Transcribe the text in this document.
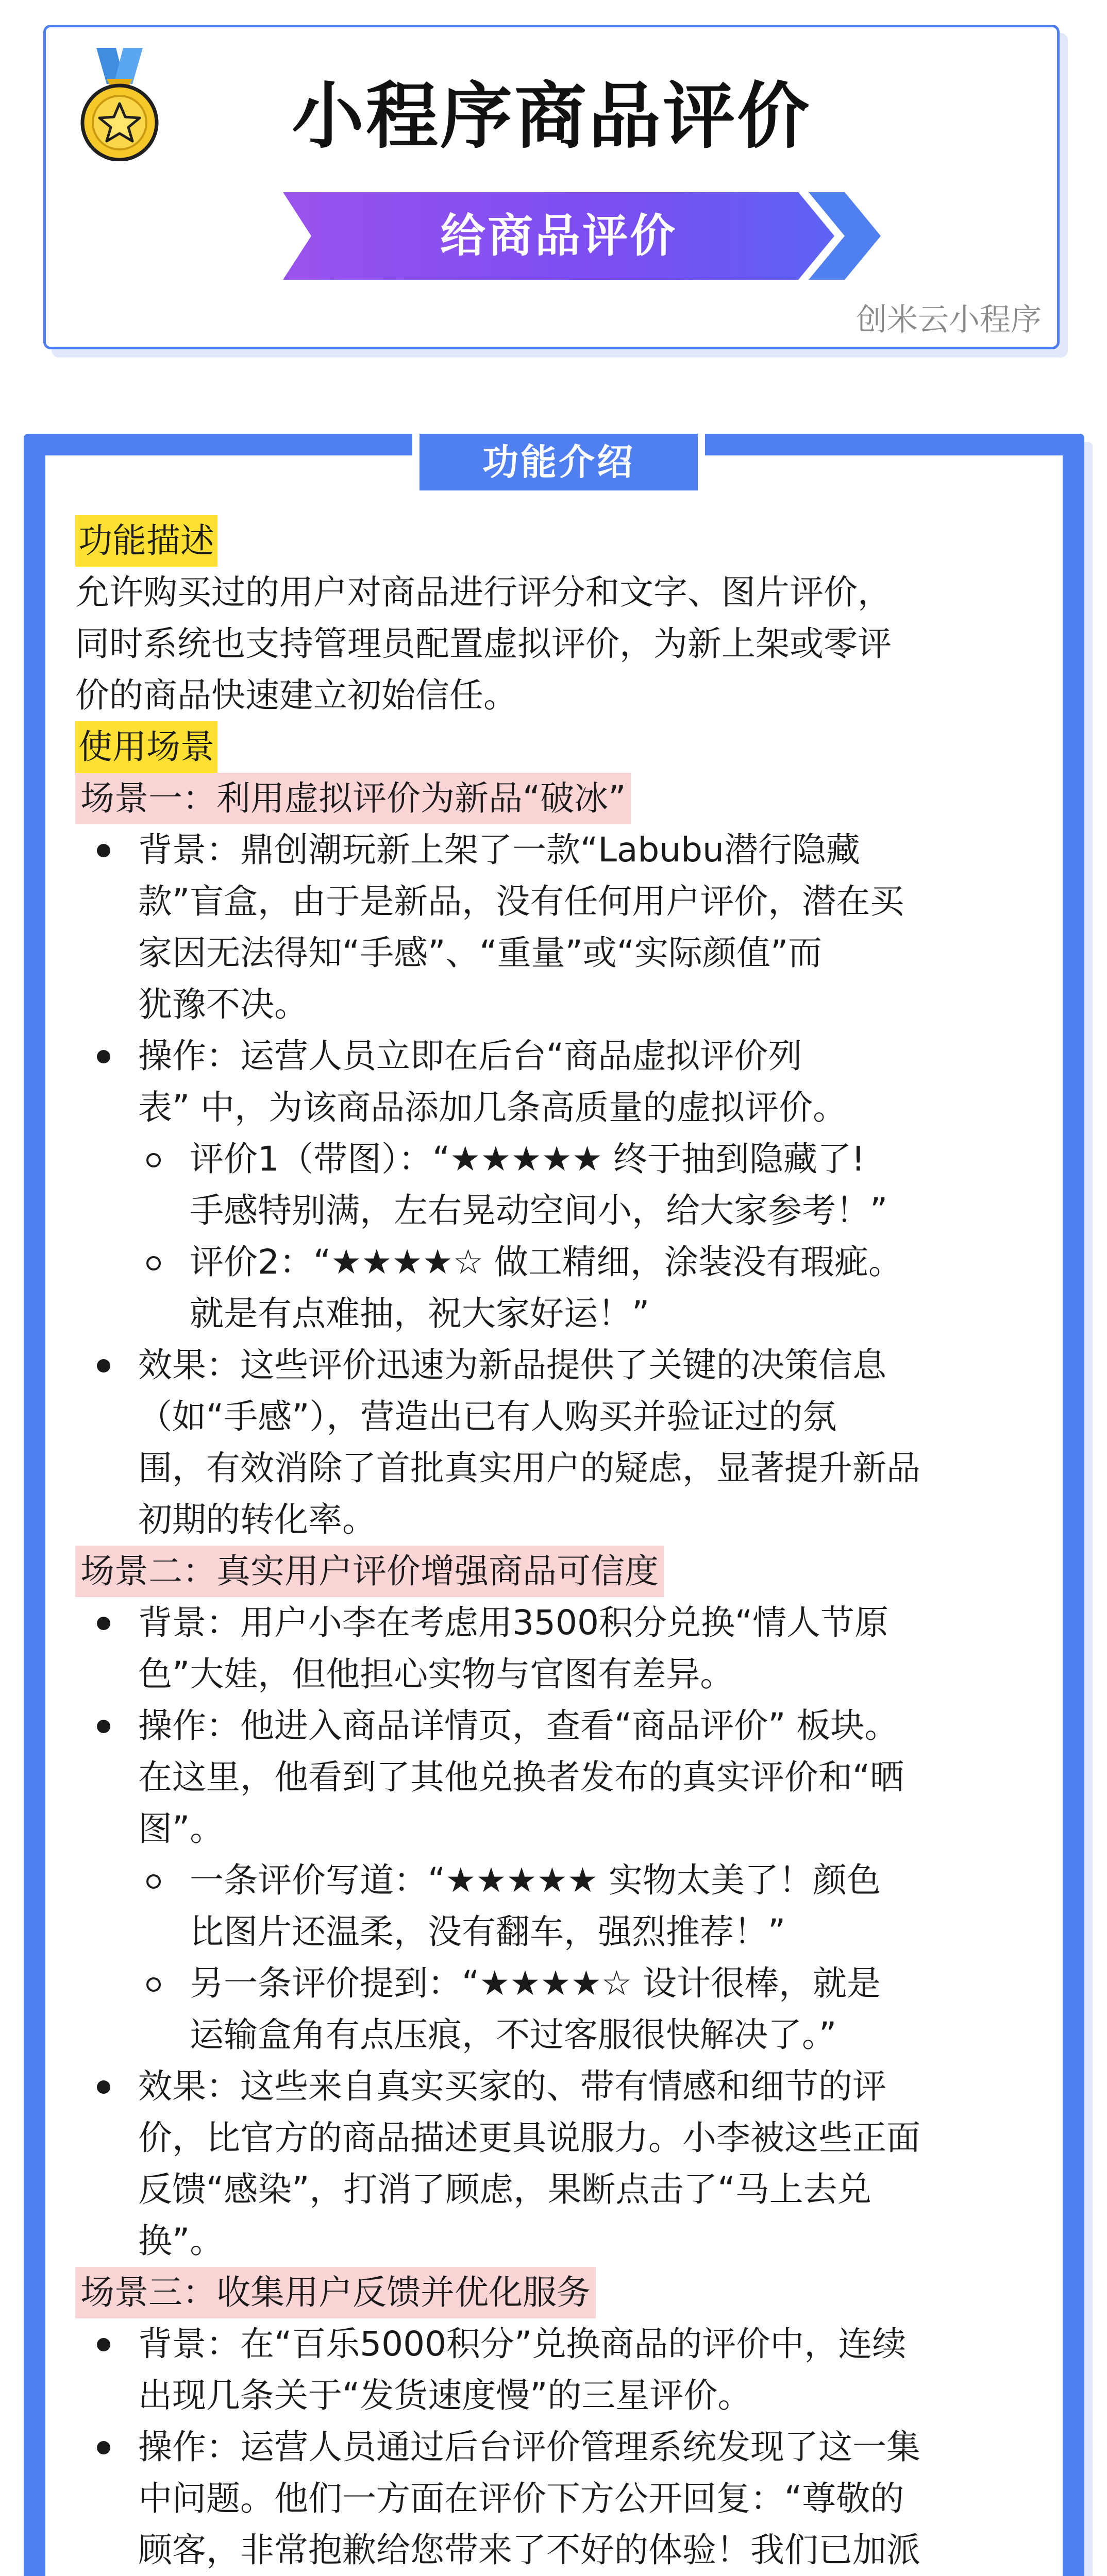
小程序商品评价
给商品评价
创米云小程序
功能介绍
功能描述

允许购买过的用户对商品进行评分和文字、图片评价，

同时系统也支持管理员配置虚拟评价，为新上架或零评

价的商品快速建立初始信任。

使用场景
场景一：利用虚拟评价为新品“破冰”
背景：鼎创潮玩新上架了一款“Labubu潜行隐藏
款”盲盒，由于是新品，没有任何用户评价，潜在买
家因无法得知“手感”、“重量”或“实际颜值”而
犹豫不决。
操作：运营人员立即在后台“商品虚拟评价列
表” 中，为该商品添加几条高质量的虚拟评价。
评价1（带图）：“★★★★★ 终于抽到隐藏了!
手感特别满，左右晃动空间小，给大家参考！”
评价2：“★★★★☆ 做工精细，涂装没有瑕疵。
就是有点难抽，祝大家好运！”
效果：这些评价迅速为新品提供了关键的决策信息
（如“手感”），营造出已有人购买并验证过的氛
围，有效消除了首批真实用户的疑虑，显著提升新品
初期的转化率。
场景二：真实用户评价增强商品可信度
背景：用户小李在考虑用3500积分兑换“情人节原
色”大娃，但他担心实物与官图有差异。
操作：他进入商品详情页，查看“商品评价” 板块。
在这里，他看到了其他兑换者发布的真实评价和“晒
图”。
一条评价写道：“★★★★★ 实物太美了！颜色
比图片还温柔，没有翻车，强烈推荐！”
另一条评价提到：“★★★★☆ 设计很棒，就是
运输盒角有点压痕，不过客服很快解决了。”
效果：这些来自真实买家的、带有情感和细节的评
价，比官方的商品描述更具说服力。小李被这些正面
反馈“感染”，打消了顾虑，果断点击了“马上去兑
换”。
场景三：收集用户反馈并优化服务
背景：在“百乐5000积分”兑换商品的评价中，连续
出现几条关于“发货速度慢”的三星评价。
操作：运营人员通过后台评价管理系统发现了这一集
中问题。他们一方面在评价下方公开回复：“尊敬的
顾客，非常抱歉给您带来了不好的体验！我们已加派
